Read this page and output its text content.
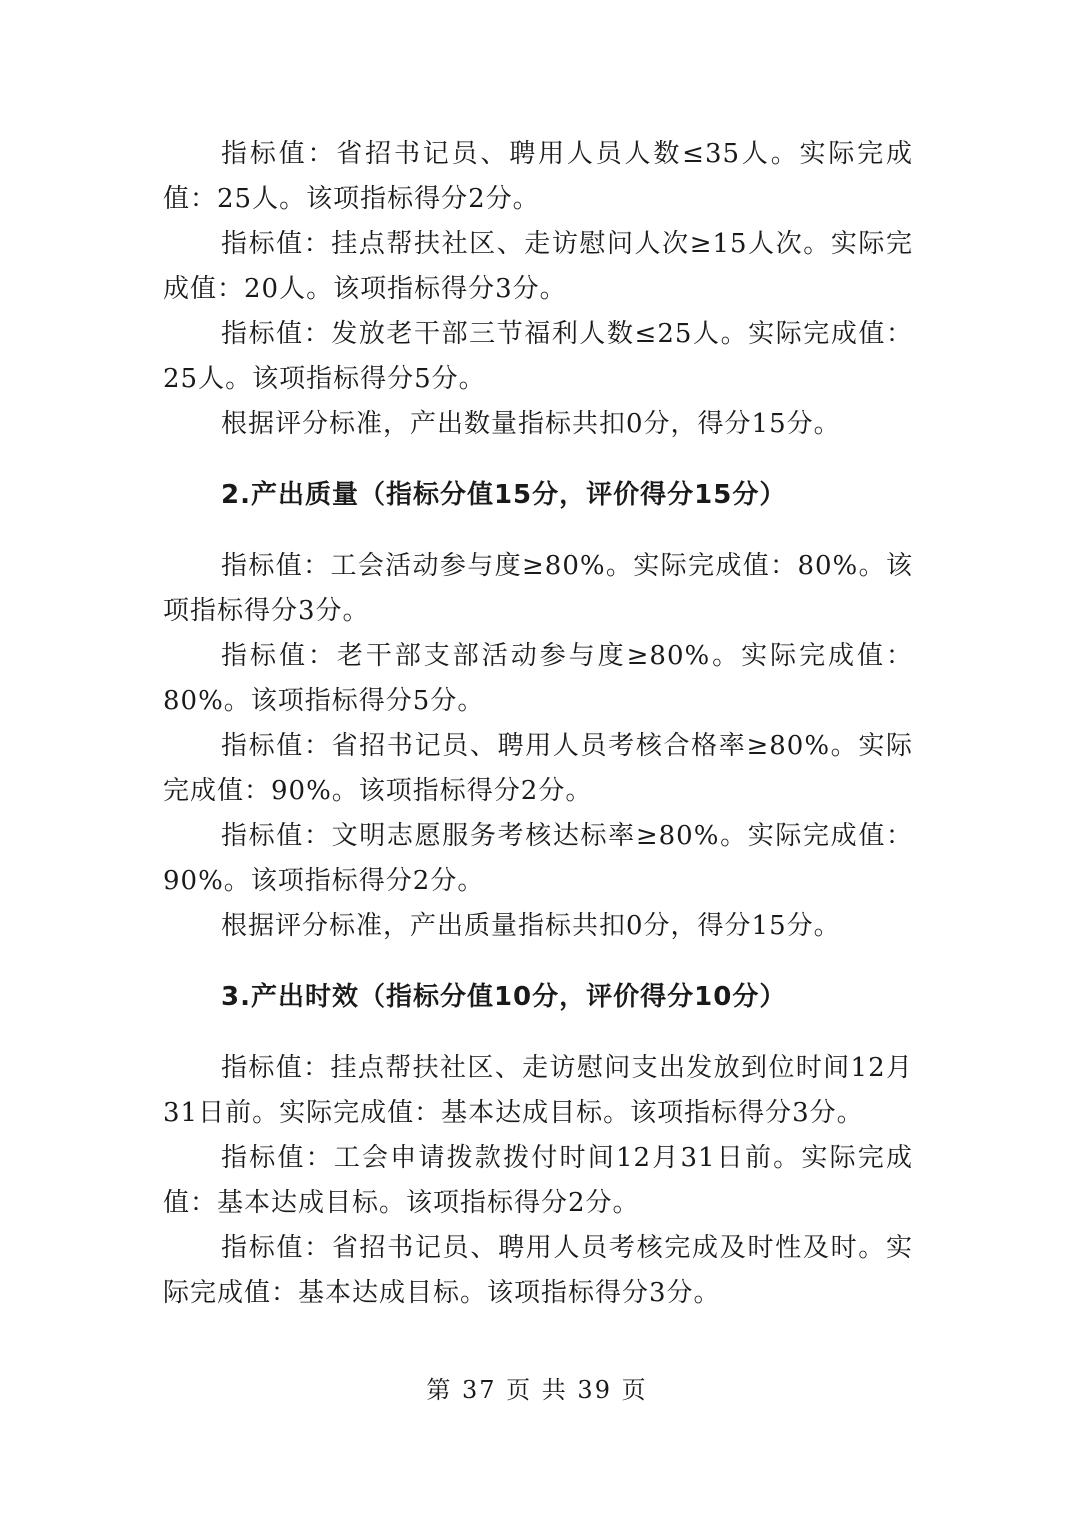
指标值：省招书记员、聘用人员人数≤35人。实际完成值：25人。该项指标得分2分。

指标值：挂点帮扶社区、走访慰问人次≥15人次。实际完成值：20人。该项指标得分3分。

指标值：发放老干部三节福利人数≤25人。实际完成值：25人。该项指标得分5分。

根据评分标准，产出数量指标共扣0分，得分15分。

2.产出质量（指标分值15分，评价得分15分）

指标值：工会活动参与度≥80%。实际完成值：80%。该项指标得分3分。

指标值：老干部支部活动参与度≥80%。实际完成值：80%。该项指标得分5分。

指标值：省招书记员、聘用人员考核合格率≥80%。实际完成值：90%。该项指标得分2分。

指标值：文明志愿服务考核达标率≥80%。实际完成值：90%。该项指标得分2分。

根据评分标准，产出质量指标共扣0分，得分15分。

3.产出时效（指标分值10分，评价得分10分）

指标值：挂点帮扶社区、走访慰问支出发放到位时间12月31日前。实际完成值：基本达成目标。该项指标得分3分。

指标值：工会申请拨款拨付时间12月31日前。实际完成值：基本达成目标。该项指标得分2分。

指标值：省招书记员、聘用人员考核完成及时性及时。实际完成值：基本达成目标。该项指标得分3分。

第 37 页 共 39 页
